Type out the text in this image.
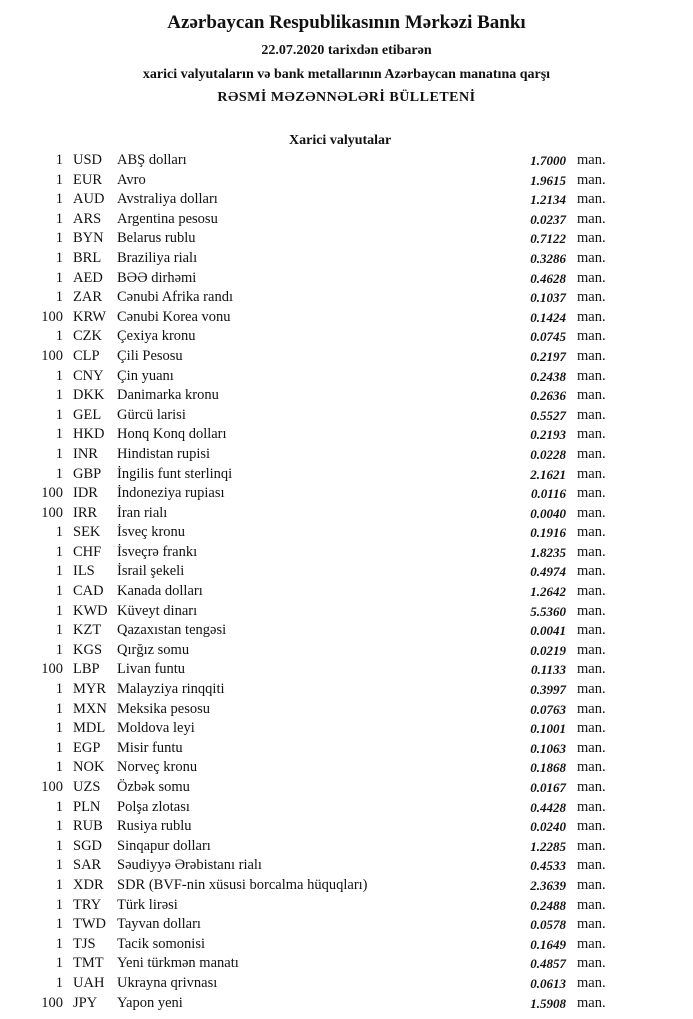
Azərbaycan Respublikasının Mərkəzi Bankı
22.07.2020 tarixdən etibarən
xarici valyutaların və bank metallarının Azərbaycan manatına qarşı
RƏSMİ MƏZƏNNƏLƏRİ BÜLLETENİ
Xarici valyutalar
1 USD ABŞ dolları	1.7000 man.
1 EUR Avro	1.9615 man.
1 AUD Avstraliya dolları	1.2134 man.
1 ARS Argentina pesosu	0.0237 man.
1 BYN Belarus rublu	0.7122 man.
1 BRL Braziliya rialı	0.3286 man.
1 AED BƏƏ dirhəmi	0.4628 man.
1 ZAR Cənubi Afrika randı	0.1037 man.
100 KRW Cənubi Korea vonu	0.1424 man.
1 CZK Çexiya kronu	0.0745 man.
100 CLP Çili Pesosu	0.2197 man.
1 CNY Çin yuanı	0.2438 man.
1 DKK Danimarka kronu	0.2636 man.
1 GEL Gürcü larisi	0.5527 man.
1 HKD Honq Konq dolları	0.2193 man.
1 INR Hindistan rupisi	0.0228 man.
1 GBP İngilis funt sterlinqi	2.1621 man.
100 IDR İndoneziya rupiası	0.0116 man.
100 IRR İran rialı	0.0040 man.
1 SEK İsveç kronu	0.1916 man.
1 CHF İsveçrə frankı	1.8235 man.
1 ILS İsrail şekeli	0.4974 man.
1 CAD Kanada dolları	1.2642 man.
1 KWD Küveyt dinarı	5.5360 man.
1 KZT Qazaxıstan tengəsi	0.0041 man.
1 KGS Qırğız somu	0.0219 man.
100 LBP Livan funtu	0.1133 man.
1 MYR Malayziya rinqqiti	0.3997 man.
1 MXN Meksika pesosu	0.0763 man.
1 MDL Moldova leyi	0.1001 man.
1 EGP Misir funtu	0.1063 man.
1 NOK Norveç kronu	0.1868 man.
100 UZS Özbək somu	0.0167 man.
1 PLN Polşa zlotası	0.4428 man.
1 RUB Rusiya rublu	0.0240 man.
1 SGD Sinqapur dolları	1.2285 man.
1 SAR Səudiyyə Ərəbistanı rialı	0.4533 man.
1 XDR SDR (BVF-nin xüsusi borcalma hüquqları)	2.3639 man.
1 TRY Türk lirəsi	0.2488 man.
1 TWD Tayvan dolları	0.0578 man.
1 TJS Tacik somonisi	0.1649 man.
1 TMT Yeni türkmən manatı	0.4857 man.
1 UAH Ukrayna qrivnası	0.0613 man.
100 JPY Yapon yeni	1.5908 man.
